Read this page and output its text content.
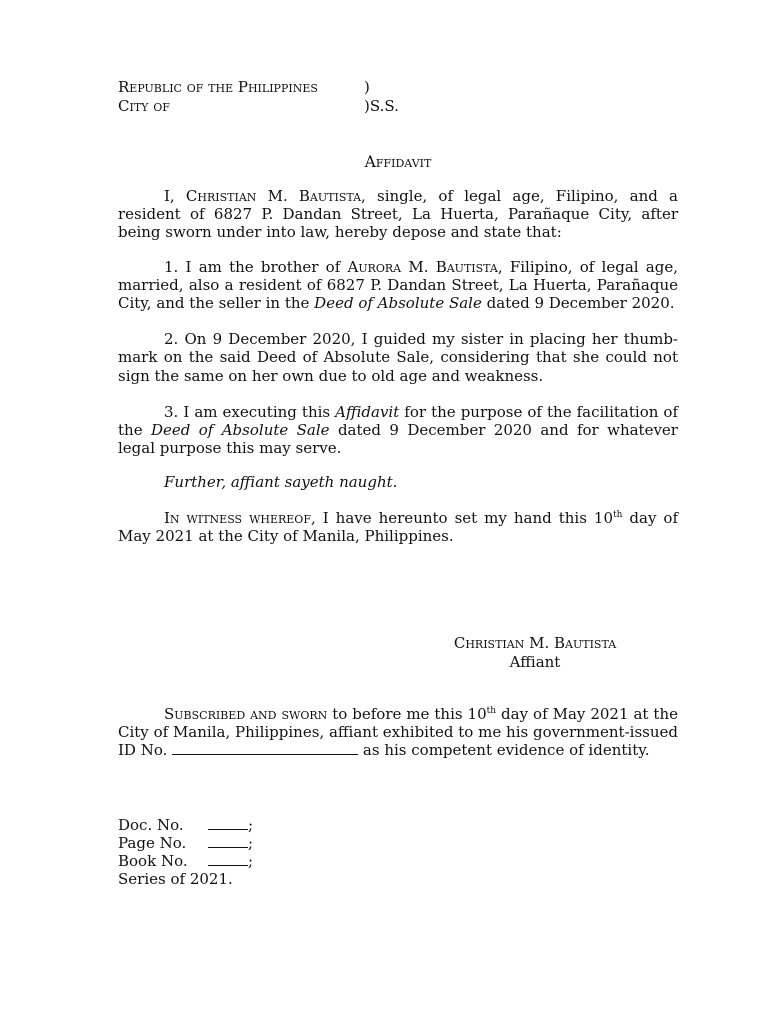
Republic of the Philippines	)
City of	)S.S.
Affidavit

I, Christian M. Bautista, single, of legal age, Filipino, and a resident of 6827 P. Dandan Street, La Huerta, Parañaque City, after being sworn under into law, hereby depose and state that:

1. I am the brother of Aurora M. Bautista, Filipino, of legal age, married, also a resident of 6827 P. Dandan Street, La Huerta, Parañaque City, and the seller in the Deed of Absolute Sale dated 9 December 2020.

2. On 9 December 2020, I guided my sister in placing her thumb-mark on the said Deed of Absolute Sale, considering that she could not sign the same on her own due to old age and weakness.

3. I am executing this Affidavit for the purpose of the facilitation of the Deed of Absolute Sale dated 9 December 2020 and for whatever legal purpose this may serve.

Further, affiant sayeth naught.

In witness whereof, I have hereunto set my hand this 10th day of May 2021 at the City of Manila, Philippines.

Christian M. Bautista
Affiant

Subscribed and sworn to before me this 10th day of May 2021 at the City of Manila, Philippines, affiant exhibited to me his government-issued ID No.	as his competent evidence of identity.

Doc. No.	;
Page No.	;
Book No.	;
Series of 2021.
